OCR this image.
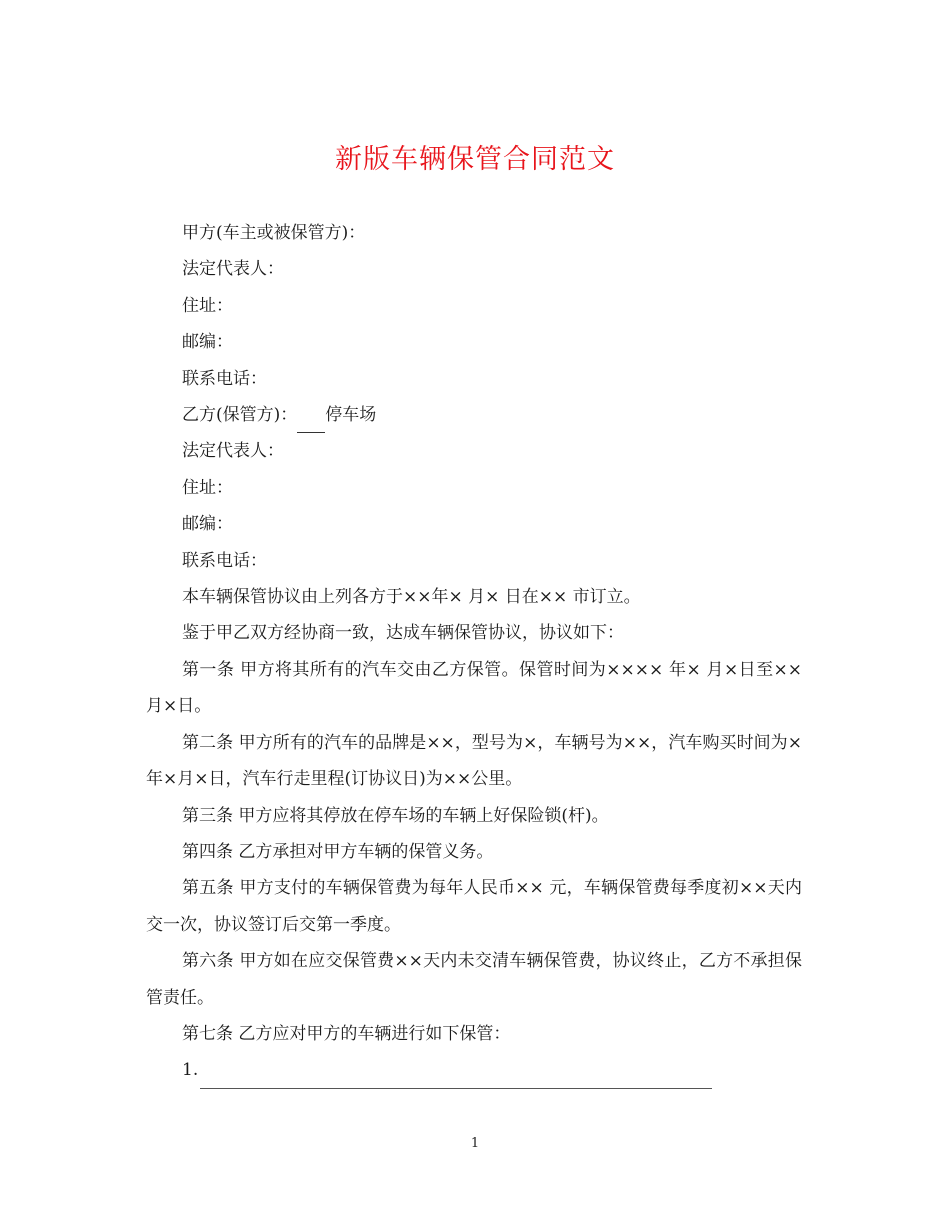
新版车辆保管合同范文

甲方(车主或被保管方)：

法定代表人：

住址：

邮编：

联系电话：

乙方(保管方)： 停车场

法定代表人：

住址：

邮编：

联系电话：

本车辆保管协议由上列各方于××年× 月× 日在×× 市订立。

鉴于甲乙双方经协商一致，达成车辆保管协议，协议如下：

第一条 甲方将其所有的汽车交由乙方保管。保管时间为×××× 年× 月×日至××月×日。

第二条 甲方所有的汽车的品牌是××，型号为×，车辆号为××，汽车购买时间为×年×月×日，汽车行走里程(订协议日)为××公里。

第三条 甲方应将其停放在停车场的车辆上好保险锁(杆)。

第四条 乙方承担对甲方车辆的保管义务。

第五条 甲方支付的车辆保管费为每年人民币×× 元，车辆保管费每季度初××天内交一次，协议签订后交第一季度。

第六条 甲方如在应交保管费××天内未交清车辆保管费，协议终止，乙方不承担保管责任。

第七条 乙方应对甲方的车辆进行如下保管：

1.

1
